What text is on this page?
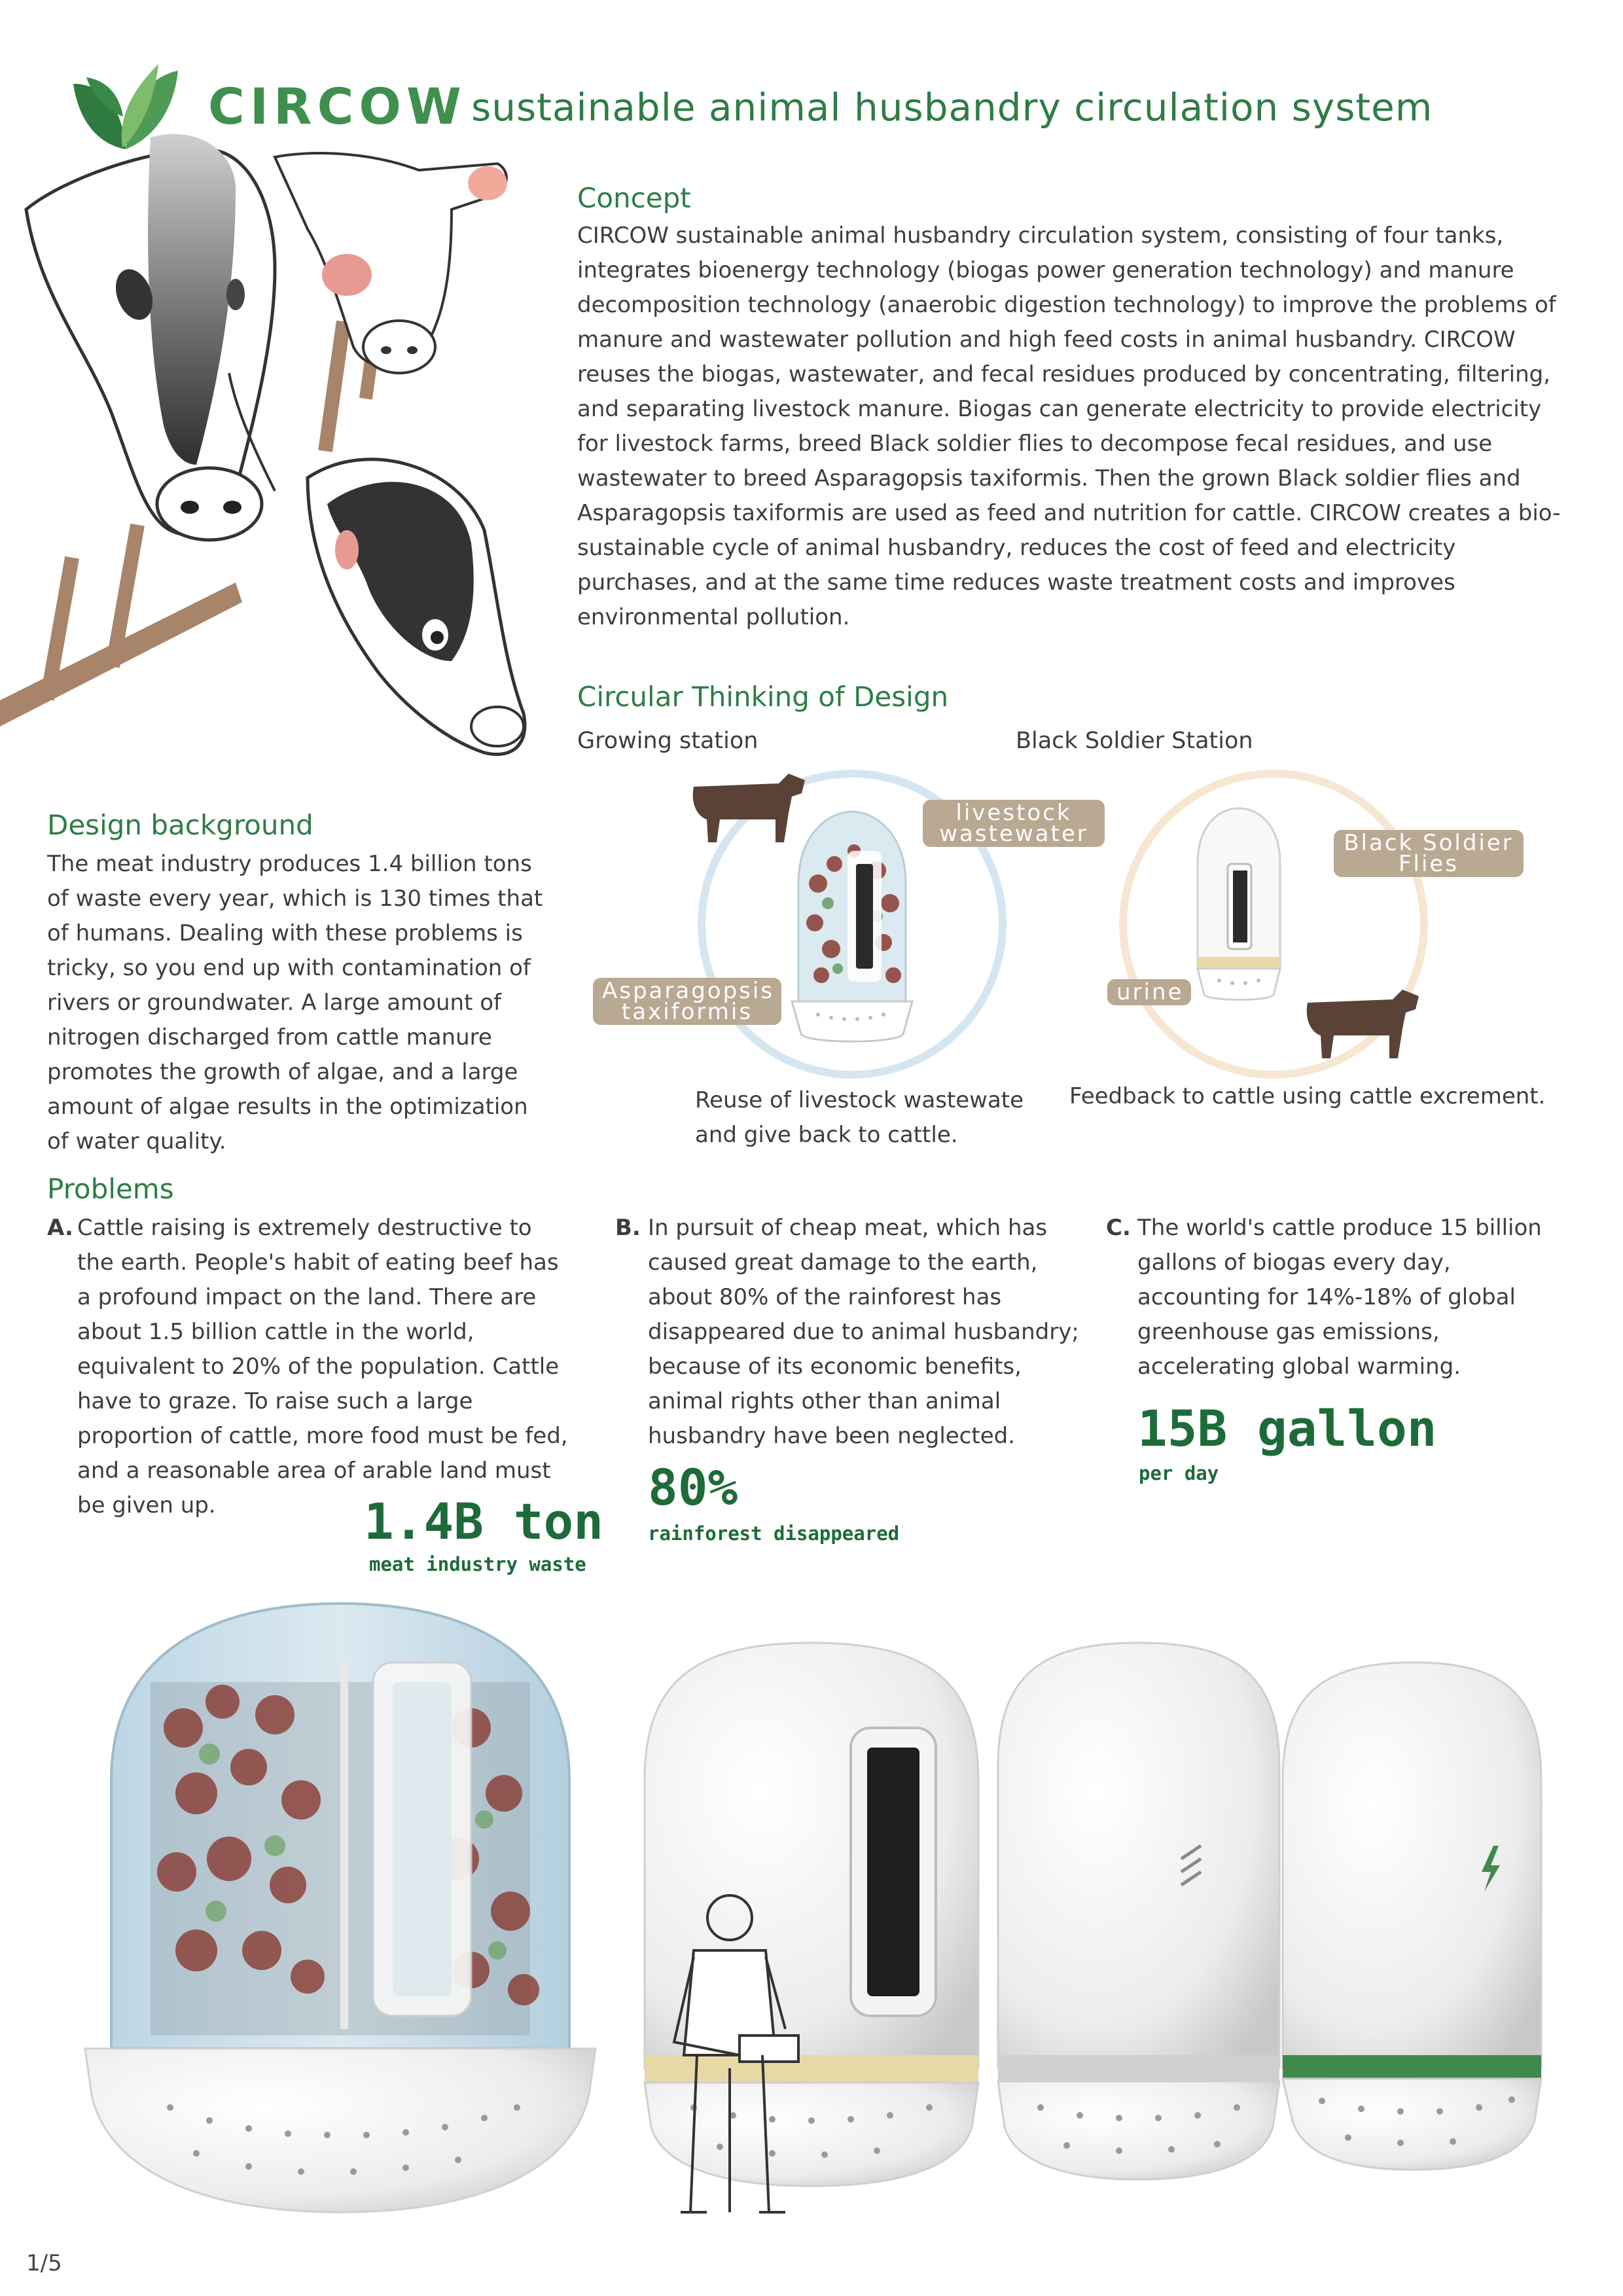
CIRCOW sustainable animal husbandry circulation system
Concept
CIRCOW sustainable animal husbandry circulation system, consisting of four tanks, integrates bioenergy technology (biogas power generation technology) and manure decomposition technology (anaerobic digestion technology) to improve the problems of manure and wastewater pollution and high feed costs in animal husbandry. CIRCOW reuses the biogas, wastewater, and fecal residues produced by concentrating, filtering, and separating livestock manure. Biogas can generate electricity to provide electricity for livestock farms, breed Black soldier flies to decompose fecal residues, and use wastewater to breed Asparagopsis taxiformis. Then the grown Black soldier flies and Asparagopsis taxiformis are used as feed and nutrition for cattle. CIRCOW creates a bio-sustainable cycle of animal husbandry, reduces the cost of feed and electricity purchases, and at the same time reduces waste treatment costs and improves environmental pollution.
Circular Thinking of Design
Growing station	Black Soldier Station
livestock wastewater
Asparagopsis taxiformis
Reuse of livestock wastewate and give back to cattle.
Black Soldier Flies
urine
Feedback to cattle using cattle excrement.
Design background
The meat industry produces 1.4 billion tons of waste every year, which is 130 times that of humans. Dealing with these problems is tricky, so you end up with contamination of rivers or groundwater. A large amount of nitrogen discharged from cattle manure promotes the growth of algae, and a large amount of algae results in the optimization of water quality.
Problems
A. Cattle raising is extremely destructive to the earth. People's habit of eating beef has a profound impact on the land. There are about 1.5 billion cattle in the world, equivalent to 20% of the population. Cattle have to graze. To raise such a large proportion of cattle, more food must be fed, and a reasonable area of arable land must be given up.	1.4B ton
meat industry waste
B. In pursuit of cheap meat, which has caused great damage to the earth, about 80% of the rainforest has disappeared due to animal husbandry; because of its economic benefits, animal rights other than animal husbandry have been neglected.
80%
rainforest disappeared
C. The world's cattle produce 15 billion gallons of biogas every day, accounting for 14%-18% of global greenhouse gas emissions, accelerating global warming.
15B gallon
per day
1/5
